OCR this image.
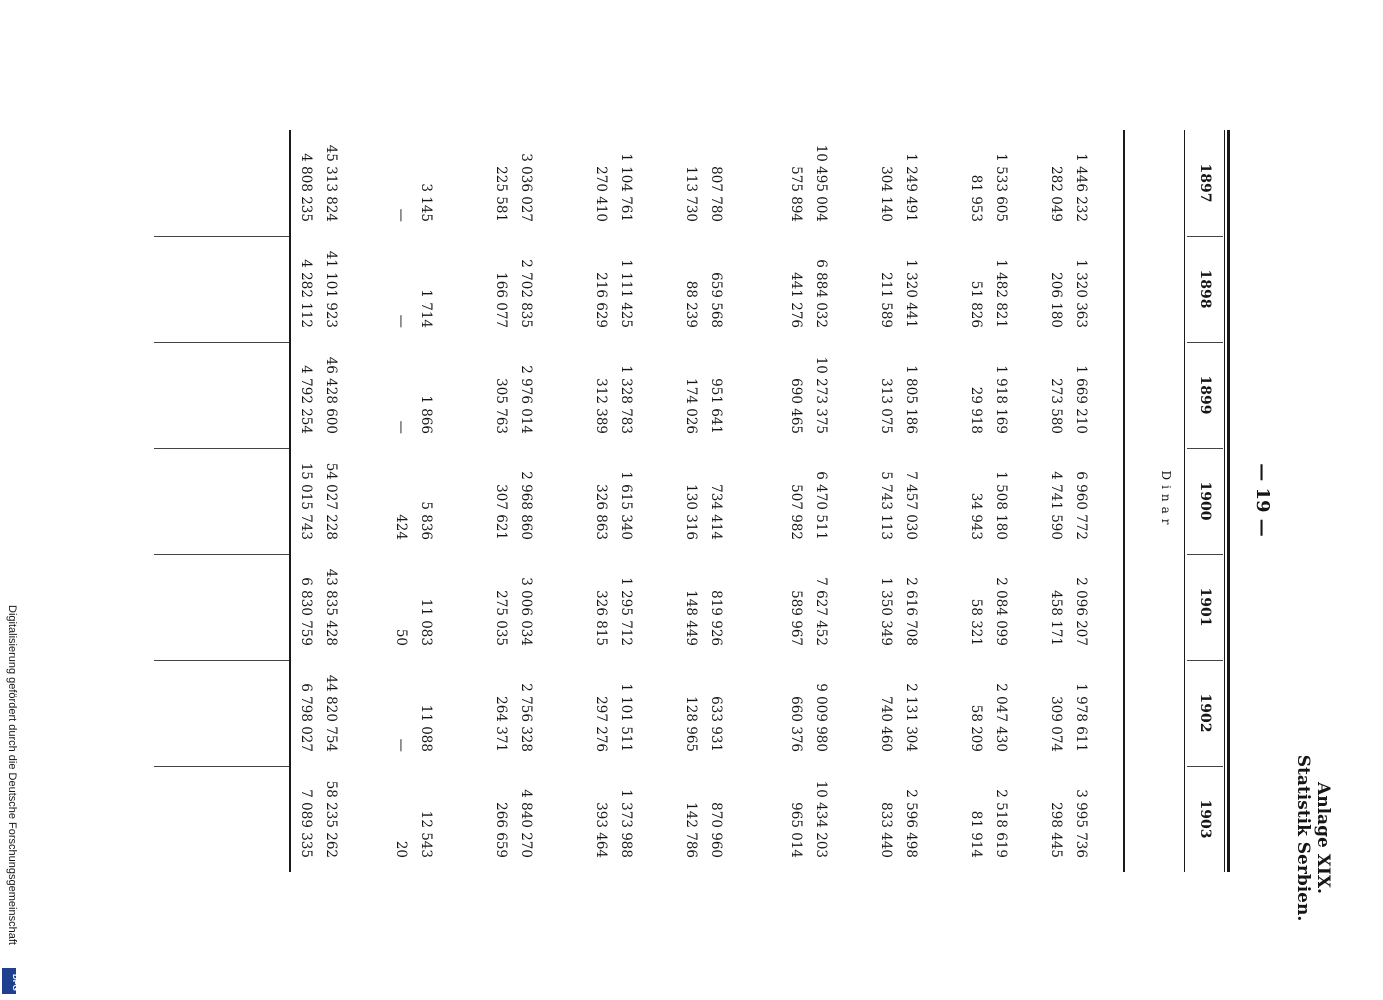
Anlage XIX.
Statistik Serbien.
— 19 —
1897
1898
1899
1900
1901
1902
1903
Dinar
1 446 232
1 320 363
1 669 210
6 960 772
2 096 207
1 978 611
3 995 736
282 049
206 180
273 580
4 741 590
458 171
309 074
298 445
1 533 605
1 482 821
1 918 169
1 508 180
2 084 099
2 047 430
2 518 619
81 953
51 826
29 918
34 943
58 321
58 209
81 914
1 249 491
1 320 441
1 805 186
7 457 030
2 616 708
2 131 304
2 596 498
304 140
211 589
313 075
5 743 113
1 350 349
740 460
833 440
10 495 004
6 884 032
10 273 375
6 470 511
7 627 452
9 009 980
10 434 203
575 894
441 276
690 465
507 982
589 967
660 376
965 014
807 780
659 568
951 641
734 414
819 926
633 931
870 960
113 730
88 239
174 026
130 316
148 449
128 965
142 786
1 104 761
1 111 425
1 328 783
1 615 340
1 295 712
1 101 511
1 373 988
270 410
216 629
312 389
326 863
326 815
297 276
393 464
3 036 027
2 702 835
2 976 014
2 968 860
3 006 034
2 756 328
4 840 270
225 581
166 077
305 763
307 621
275 035
264 371
266 659
3 145
1 714
1 866
5 836
11 083
11 088
12 543
—
—
—
424
50
—
20
45 313 824
41 101 923
46 428 600
54 027 228
43 835 428
44 820 754
58 235 262
4 808 235
4 282 112
4 792 254
15 015 743
6 830 759
6 798 027
7 089 335
Digitalisierung gefördert durch die Deutsche Forschungsgemeinschaft
DFG
